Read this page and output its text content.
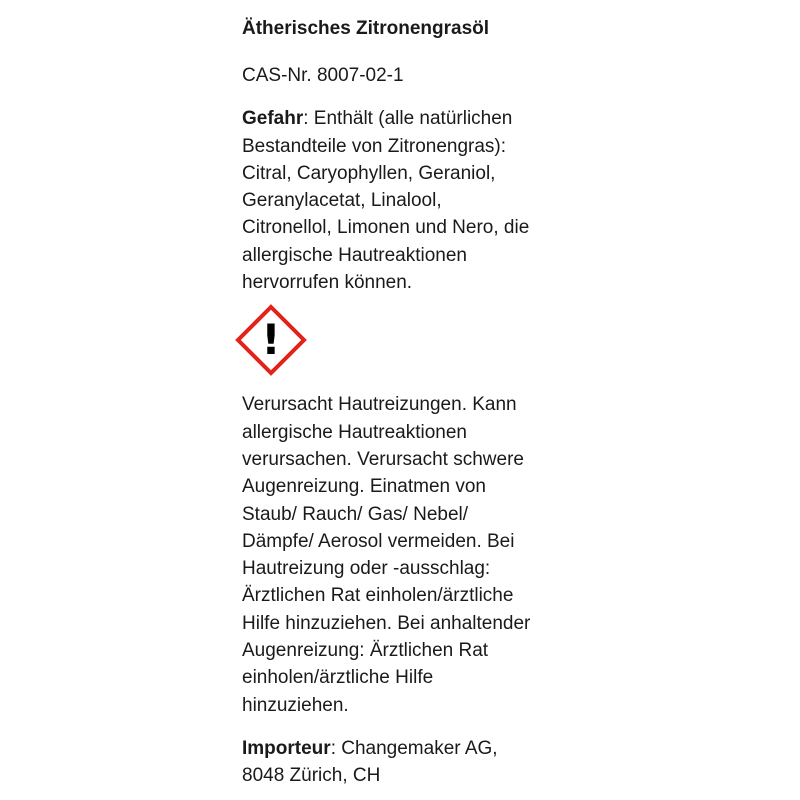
Ätherisches Zitronengrasöl
CAS-Nr. 8007-02-1
Gefahr: Enthält (alle natürlichen
Bestandteile von Zitronengras):
Citral, Caryophyllen, Geraniol,
Geranylacetat, Linalool,
Citronellol, Limonen und Nero, die
allergische Hautreaktionen
hervorrufen können.
!
Verursacht Hautreizungen. Kann
allergische Hautreaktionen
verursachen. Verursacht schwere
Augenreizung. Einatmen von
Staub/ Rauch/ Gas/ Nebel/
Dämpfe/ Aerosol vermeiden. Bei
Hautreizung oder -ausschlag:
Ärztlichen Rat einholen/ärztliche
Hilfe hinzuziehen. Bei anhaltender
Augenreizung: Ärztlichen Rat
einholen/ärztliche Hilfe
hinzuziehen.
Importeur: Changemaker AG,
8048 Zürich, CH
